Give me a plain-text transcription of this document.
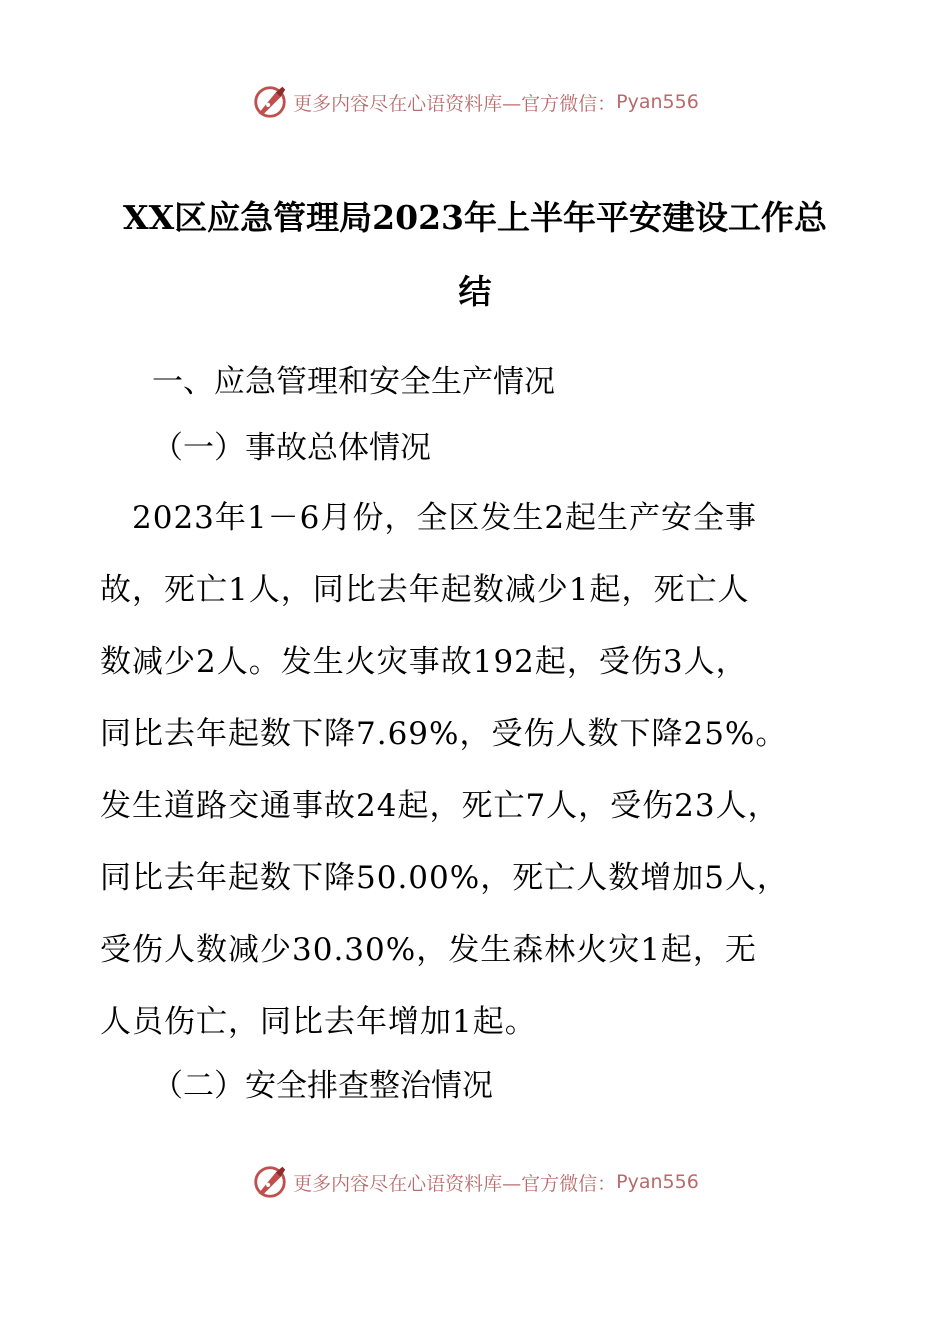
更多内容尽在心语资料库—官方微信： Pyan556
XX区应急管理局2023年上半年平安建设工作总
结

一、应急管理和安全生产情况

（一）事故总体情况

　2023年1－6月份，全区发生2起生产安全事

故，死亡1人，同比去年起数减少1起，死亡人

数减少2人。发生火灾事故192起，受伤3人，

同比去年起数下降7.69%，受伤人数下降25%。

发生道路交通事故24起，死亡7人，受伤23人，

同比去年起数下降50.00%，死亡人数增加5人，

受伤人数减少30.30%，发生森林火灾1起，无

人员伤亡，同比去年增加1起。

（二）安全排查整治情况

更多内容尽在心语资料库—官方微信： Pyan556
